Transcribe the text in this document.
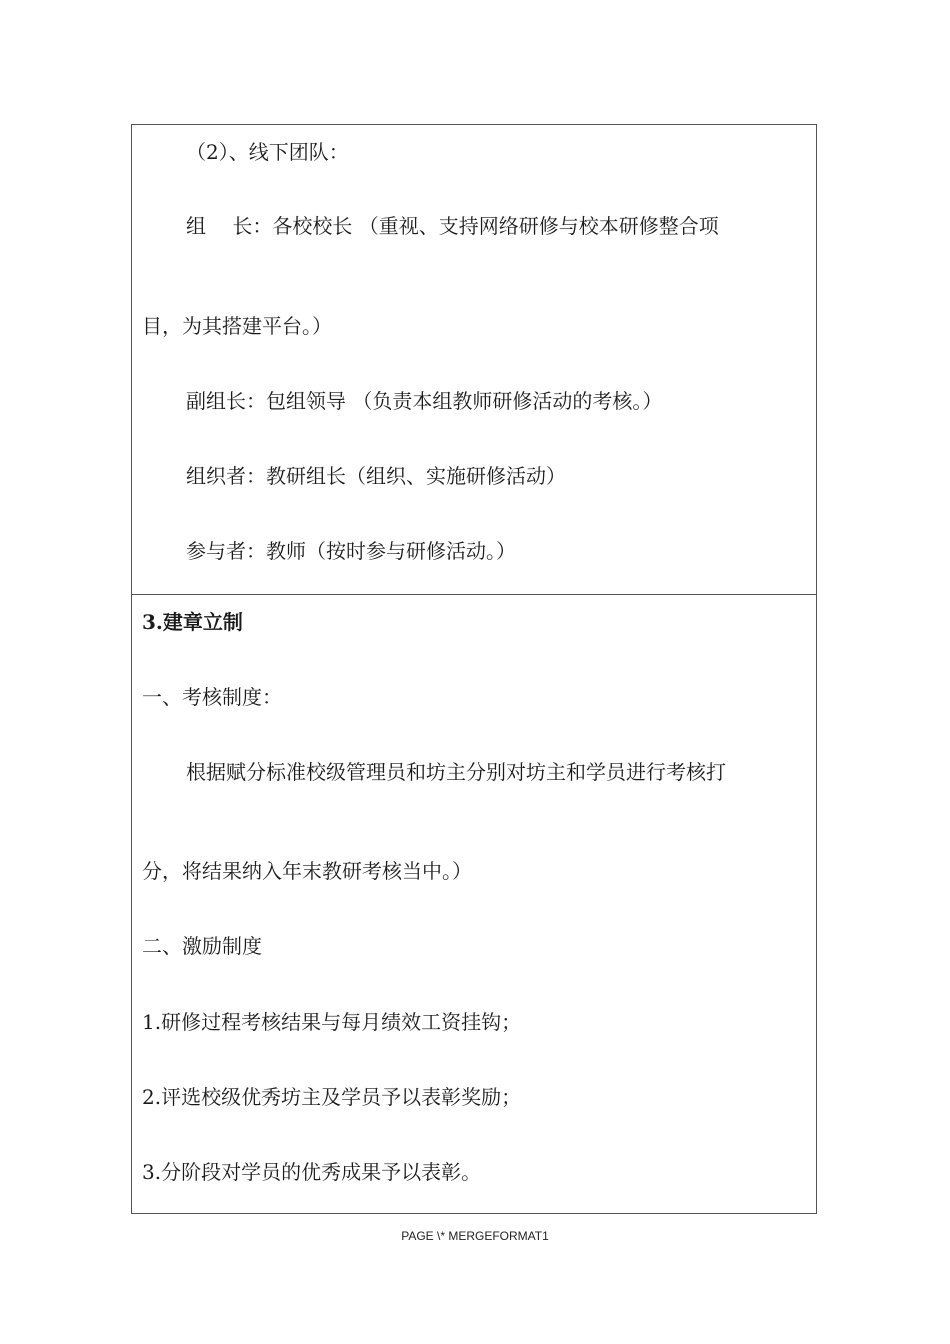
（2）、线下团队：
组　 长：各校校长 （重视、支持网络研修与校本研修整合项
目，为其搭建平台。）
副组长：包组领导 （负责本组教师研修活动的考核。）
组织者：教研组长（组织、实施研修活动）
参与者：教师（按时参与研修活动。）
3.建章立制
一、考核制度：
根据赋分标准校级管理员和坊主分别对坊主和学员进行考核打
分，将结果纳入年末教研考核当中。）
二、激励制度
1.研修过程考核结果与每月绩效工资挂钩；
2.评选校级优秀坊主及学员予以表彰奖励；
3.分阶段对学员的优秀成果予以表彰。
PAGE \* MERGEFORMAT1
